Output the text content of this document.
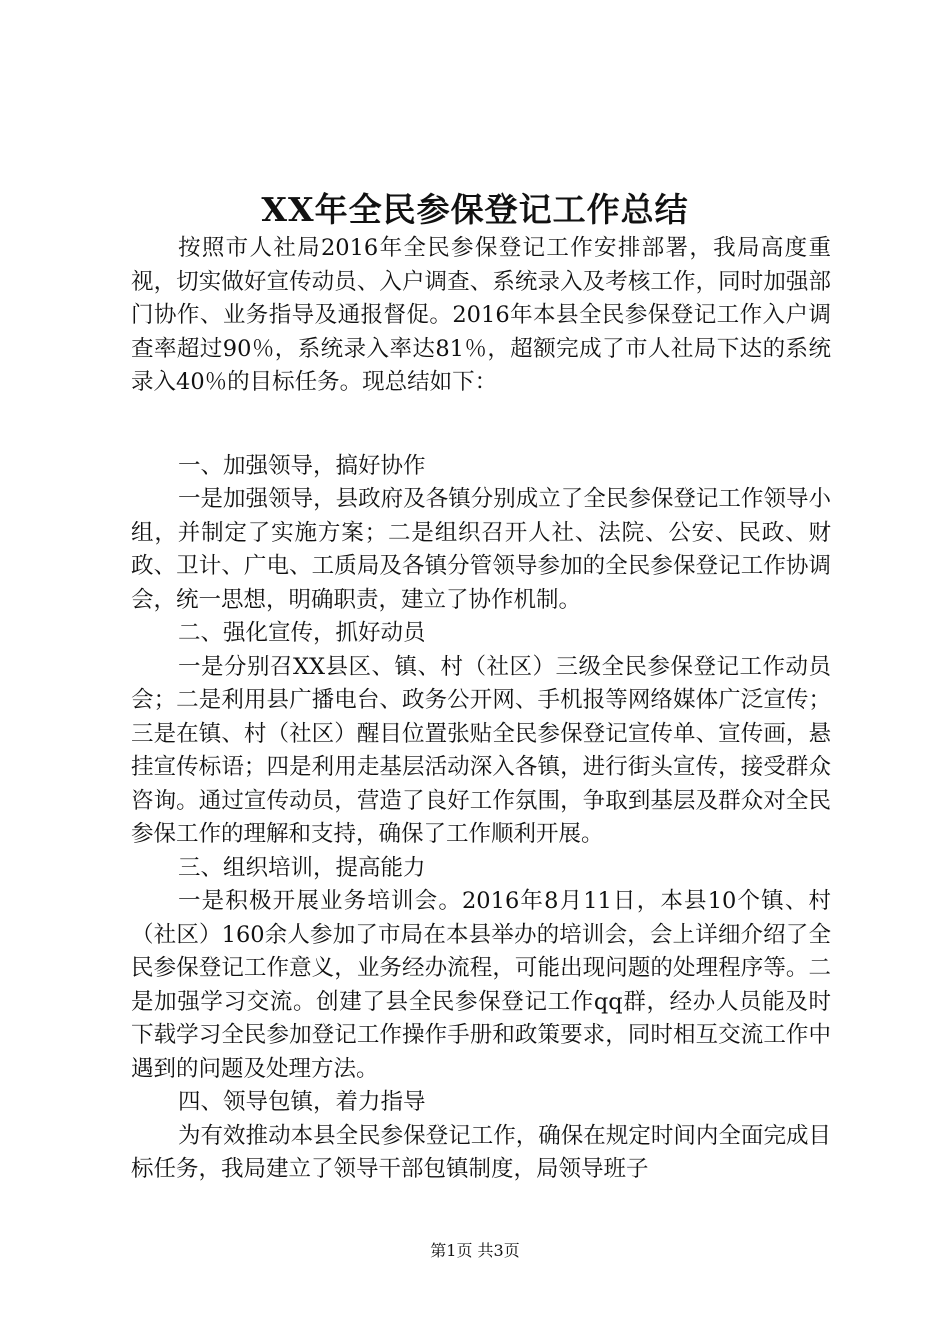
XX年全民参保登记工作总结

按照市人社局2016年全民参保登记工作安排部署，我局高度重视，切实做好宣传动员、入户调查、系统录入及考核工作，同时加强部门协作、业务指导及通报督促。2016年本县全民参保登记工作入户调查率超过90％，系统录入率达81％，超额完成了市人社局下达的系统录入40％的目标任务。现总结如下：

一、加强领导，搞好协作

一是加强领导，县政府及各镇分别成立了全民参保登记工作领导小组，并制定了实施方案；二是组织召开人社、法院、公安、民政、财政、卫计、广电、工质局及各镇分管领导参加的全民参保登记工作协调会，统一思想，明确职责，建立了协作机制。

二、强化宣传，抓好动员

一是分别召XX县区、镇、村（社区）三级全民参保登记工作动员会；二是利用县广播电台、政务公开网、手机报等网络媒体广泛宣传；三是在镇、村（社区）醒目位置张贴全民参保登记宣传单、宣传画，悬挂宣传标语；四是利用走基层活动深入各镇，进行街头宣传，接受群众咨询。通过宣传动员，营造了良好工作氛围，争取到基层及群众对全民参保工作的理解和支持，确保了工作顺利开展。

三、组织培训，提高能力

一是积极开展业务培训会。2016年8月11日，本县10个镇、村（社区）160余人参加了市局在本县举办的培训会，会上详细介绍了全民参保登记工作意义，业务经办流程，可能出现问题的处理程序等。二是加强学习交流。创建了县全民参保登记工作qq群，经办人员能及时下载学习全民参加登记工作操作手册和政策要求，同时相互交流工作中遇到的问题及处理方法。

四、领导包镇，着力指导

为有效推动本县全民参保登记工作，确保在规定时间内全面完成目标任务，我局建立了领导干部包镇制度，局领导班子

第1页 共3页
